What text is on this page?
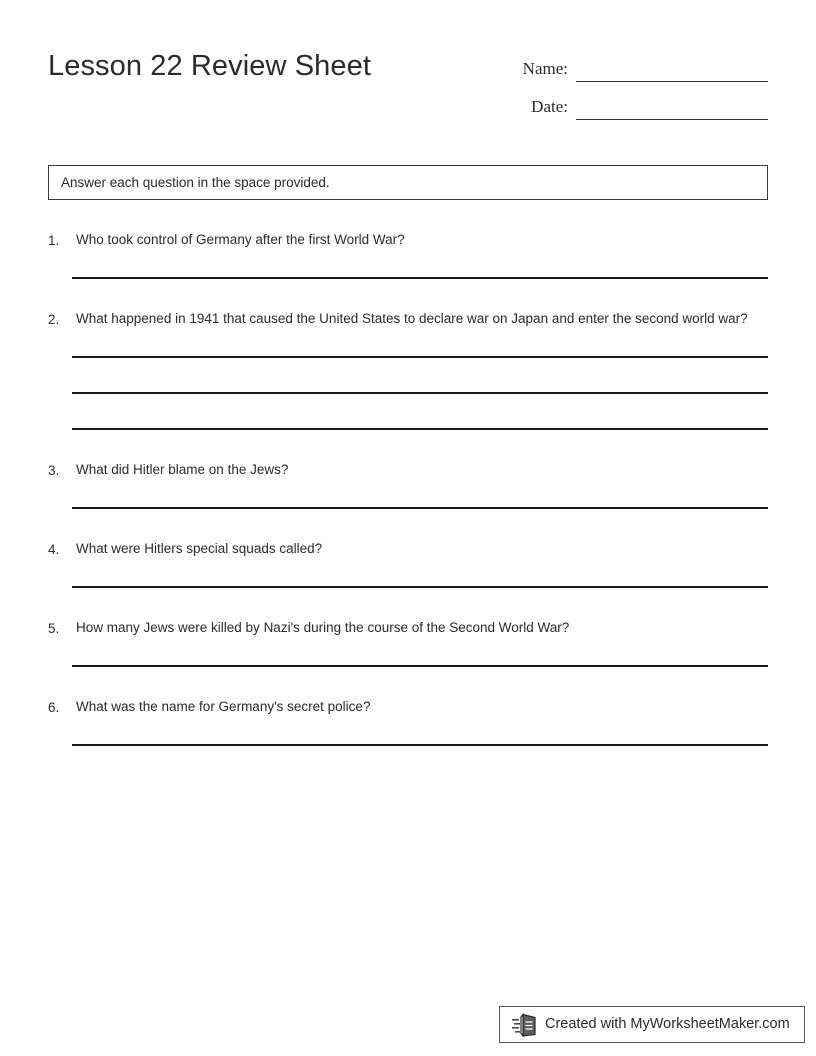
Lesson 22 Review Sheet	Name:
Date:
Answer each question in the space provided.
1.	Who took control of Germany after the first World War?
2.	What happened in 1941 that caused the United States to declare war on Japan and enter the second world war?
3.	What did Hitler blame on the Jews?
4.	What were Hitlers special squads called?
5.	How many Jews were killed by Nazi's during the course of the Second World War?
6.	What was the name for Germany's secret police?
Created with MyWorksheetMaker.com
